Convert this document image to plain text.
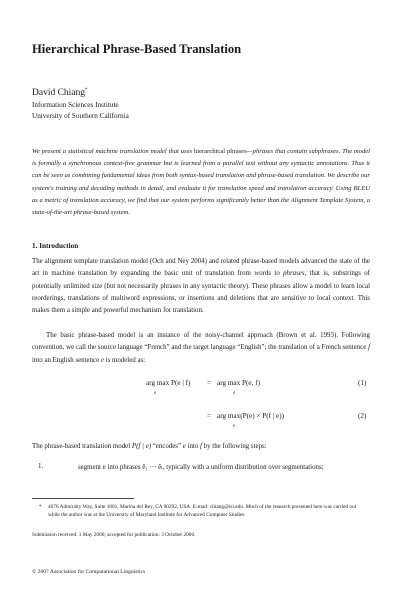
Hierarchical Phrase-Based Translation
David Chiang*
Information Sciences Institute
University of Southern California
We present a statistical machine translation model that uses hierarchical phrases—phrases that contain subphrases. The model is formally a synchronous context-free grammar but is learned from a parallel text without any syntactic annotations. Thus it can be seen as combining fundamental ideas from both syntax-based translation and phrase-based translation. We describe our system's training and decoding methods in detail, and evaluate it for translation speed and translation accuracy. Using BLEU as a metric of translation accuracy, we find that our system performs significantly better than the Alignment Template System, a state-of-the-art phrase-based system.
1. Introduction
The alignment template translation model (Och and Ney 2004) and related phrase-based models advanced the state of the art in machine translation by expanding the basic unit of translation from words to phrases, that is, substrings of potentially unlimited size (but not necessarily phrases in any syntactic theory). These phrases allow a model to learn local reorderings, translations of multiword expressions, or insertions and deletions that are sensitive to local context. This makes them a simple and powerful mechanism for translation.
The basic phrase-based model is an instance of the noisy-channel approach (Brown et al. 1993). Following convention, we call the source language “French” and the target language “English”; the translation of a French sentence f into an English sentence e is modeled as:
arg max P(e | f)
e
= arg max P(e, f)
e
(1)
= arg max(P(e) × P(f | e))
e
(2)
The phrase-based translation model P(f | e) “encodes” e into f by the following steps:
1.	segment e into phrases ē₁ ··· ēₗ, typically with a uniform distribution over segmentations;
* 4676 Admiralty Way, Suite 1001, Marina del Rey, CA 90292, USA. E-mail: chiang@isi.edu. Much of the research presented here was carried out while the author was at the University of Maryland Institute for Advanced Computer Studies.
Submission received: 1 May 2006; accepted for publication: 3 October 2006.
© 2007 Association for Computational Linguistics
